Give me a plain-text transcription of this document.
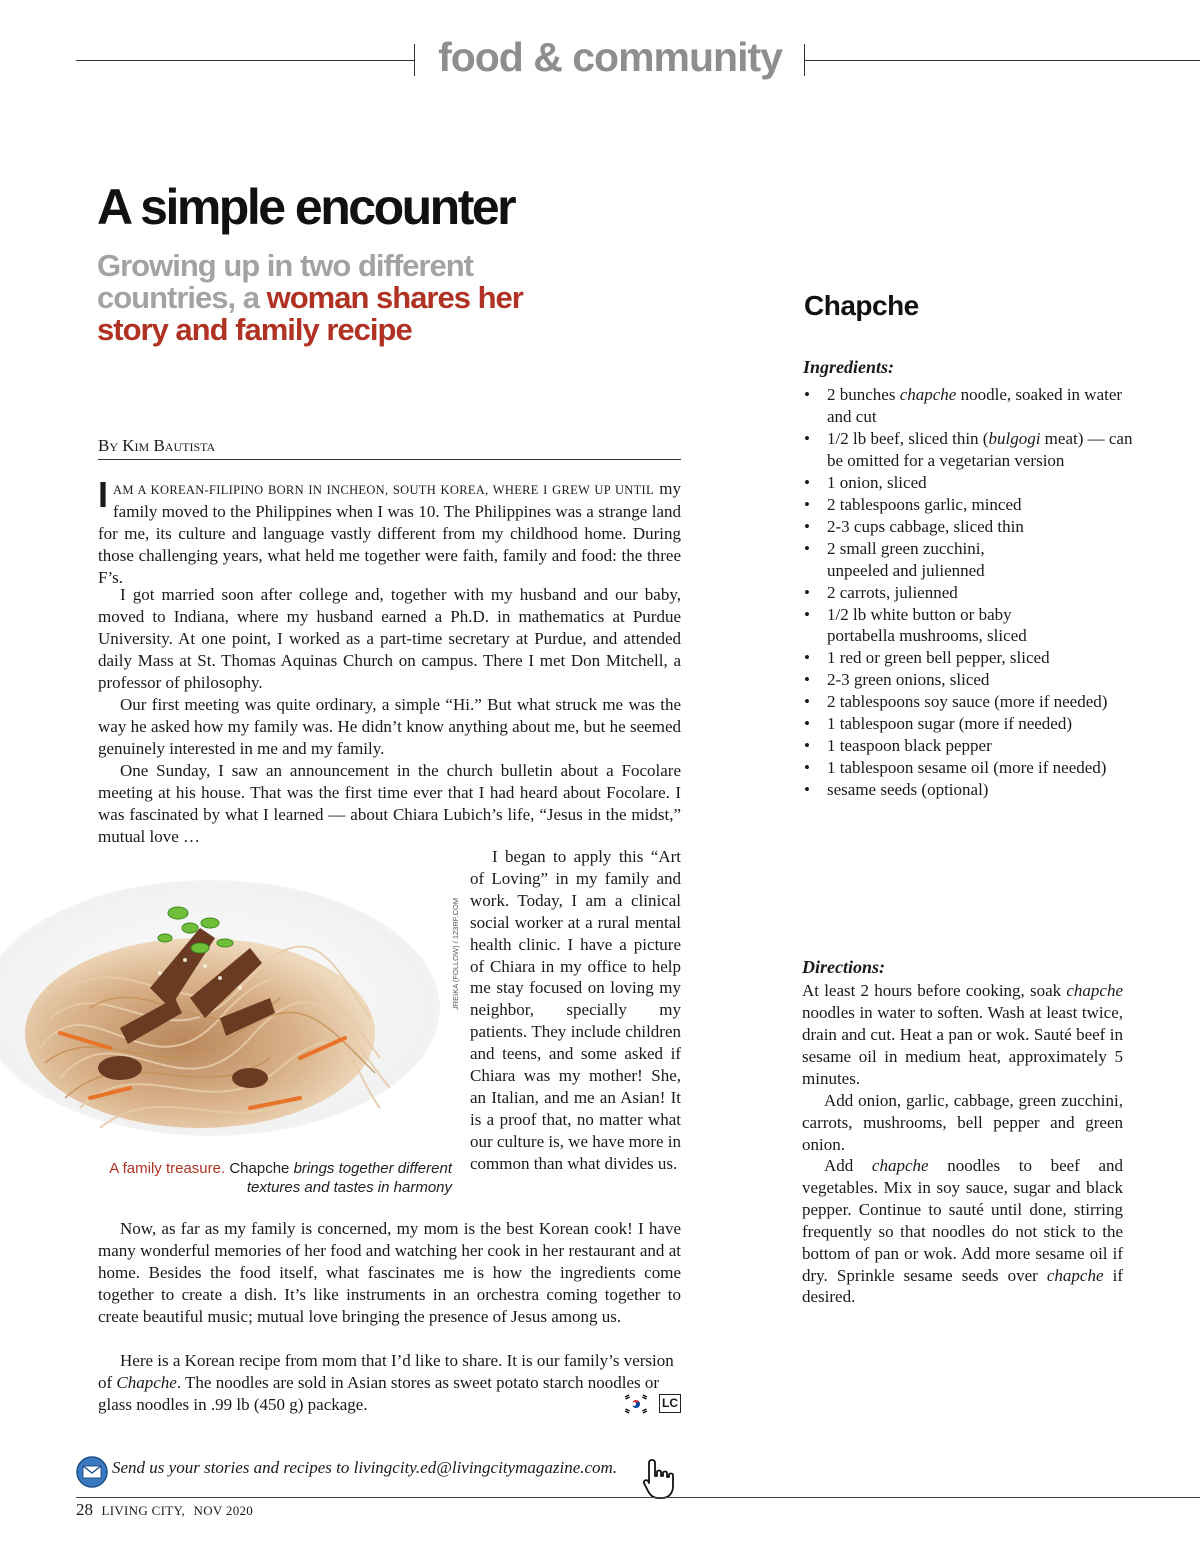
food & community
A simple encounter
Growing up in two different countries, a woman shares her story and family recipe
By Kim Bautista

IAM A KOREAN-FILIPINO BORN IN INCHEON, SOUTH KOREA, WHERE I GREW UP UNTIL my family moved to the Philippines when I was 10. The Philippines was a strange land for me, its culture and language vastly different from my childhood home. During those challenging years, what held me together were faith, family and food: the three F’s.

I got married soon after college and, together with my husband and our baby, moved to Indiana, where my husband earned a Ph.D. in mathematics at Purdue University. At one point, I worked as a part-time secretary at Purdue, and attended daily Mass at St. Thomas Aquinas Church on campus. There I met Don Mitchell, a professor of philosophy.

Our first meeting was quite ordinary, a simple “Hi.” But what struck me was the way he asked how my family was. He didn’t know anything about me, but he seemed genuinely interested in me and my family.

One Sunday, I saw an announcement in the church bulletin about a Focolare meeting at his house. That was the first time ever that I had heard about Focolare. I was fascinated by what I learned — about Chiara Lubich’s life, “Jesus in the midst,” mutual love …

I began to apply this “Art of Loving” in my family and work. Today, I am a clinical social worker at a rural mental health clinic. I have a picture of Chiara in my office to help me stay focused on loving my neighbor, specially my patients. They include children and teens, and some asked if Chiara was my mother! She, an Italian, and me an Asian! It is a proof that, no matter what our culture is, we have more in common than what divides us.

JREIKA (FOLLOW) / 123RF.COM
A family treasure. Chapche brings together different textures and tastes in harmony

Now, as far as my family is concerned, my mom is the best Korean cook! I have many wonderful memories of her food and watching her cook in her restaurant and at home. Besides the food itself, what fascinates me is how the ingredients come together to create a dish. It’s like instruments in an orchestra coming together to create beautiful music; mutual love bringing the presence of Jesus among us.

Here is a Korean recipe from mom that I’d like to share. It is our family’s version of Chapche. The noodles are sold in Asian stores as sweet potato starch noodles or glass noodles in .99 lb (450 g) package.	LC
Chapche
Ingredients:
• 2 bunches chapche noodle, soaked in water and cut
• 1/2 lb beef, sliced thin (bulgogi meat) — can be omitted for a vegetarian version
• 1 onion, sliced
• 2 tablespoons garlic, minced
• 2-3 cups cabbage, sliced thin
• 2 small green zucchini, unpeeled and julienned
• 2 carrots, julienned
• 1/2 lb white button or baby portabella mushrooms, sliced
• 1 red or green bell pepper, sliced
• 2-3 green onions, sliced
• 2 tablespoons soy sauce (more if needed)
• 1 tablespoon sugar (more if needed)
• 1 teaspoon black pepper
• 1 tablespoon sesame oil (more if needed)
• sesame seeds (optional)
Directions:

At least 2 hours before cooking, soak chapche noodles in water to soften. Wash at least twice, drain and cut. Heat a pan or wok. Sauté beef in sesame oil in medium heat, approximately 5 minutes.

Add onion, garlic, cabbage, green zucchini, carrots, mushrooms, bell pepper and green onion.

Add chapche noodles to beef and vegetables. Mix in soy sauce, sugar and black pepper. Continue to sauté until done, stirring frequently so that noodles do not stick to the bottom of pan or wok. Add more sesame oil if dry. Sprinkle sesame seeds over chapche if desired.

Send us your stories and recipes to livingcity.ed@livingcitymagazine.com.
28 LIVING CITY, NOV 2020
